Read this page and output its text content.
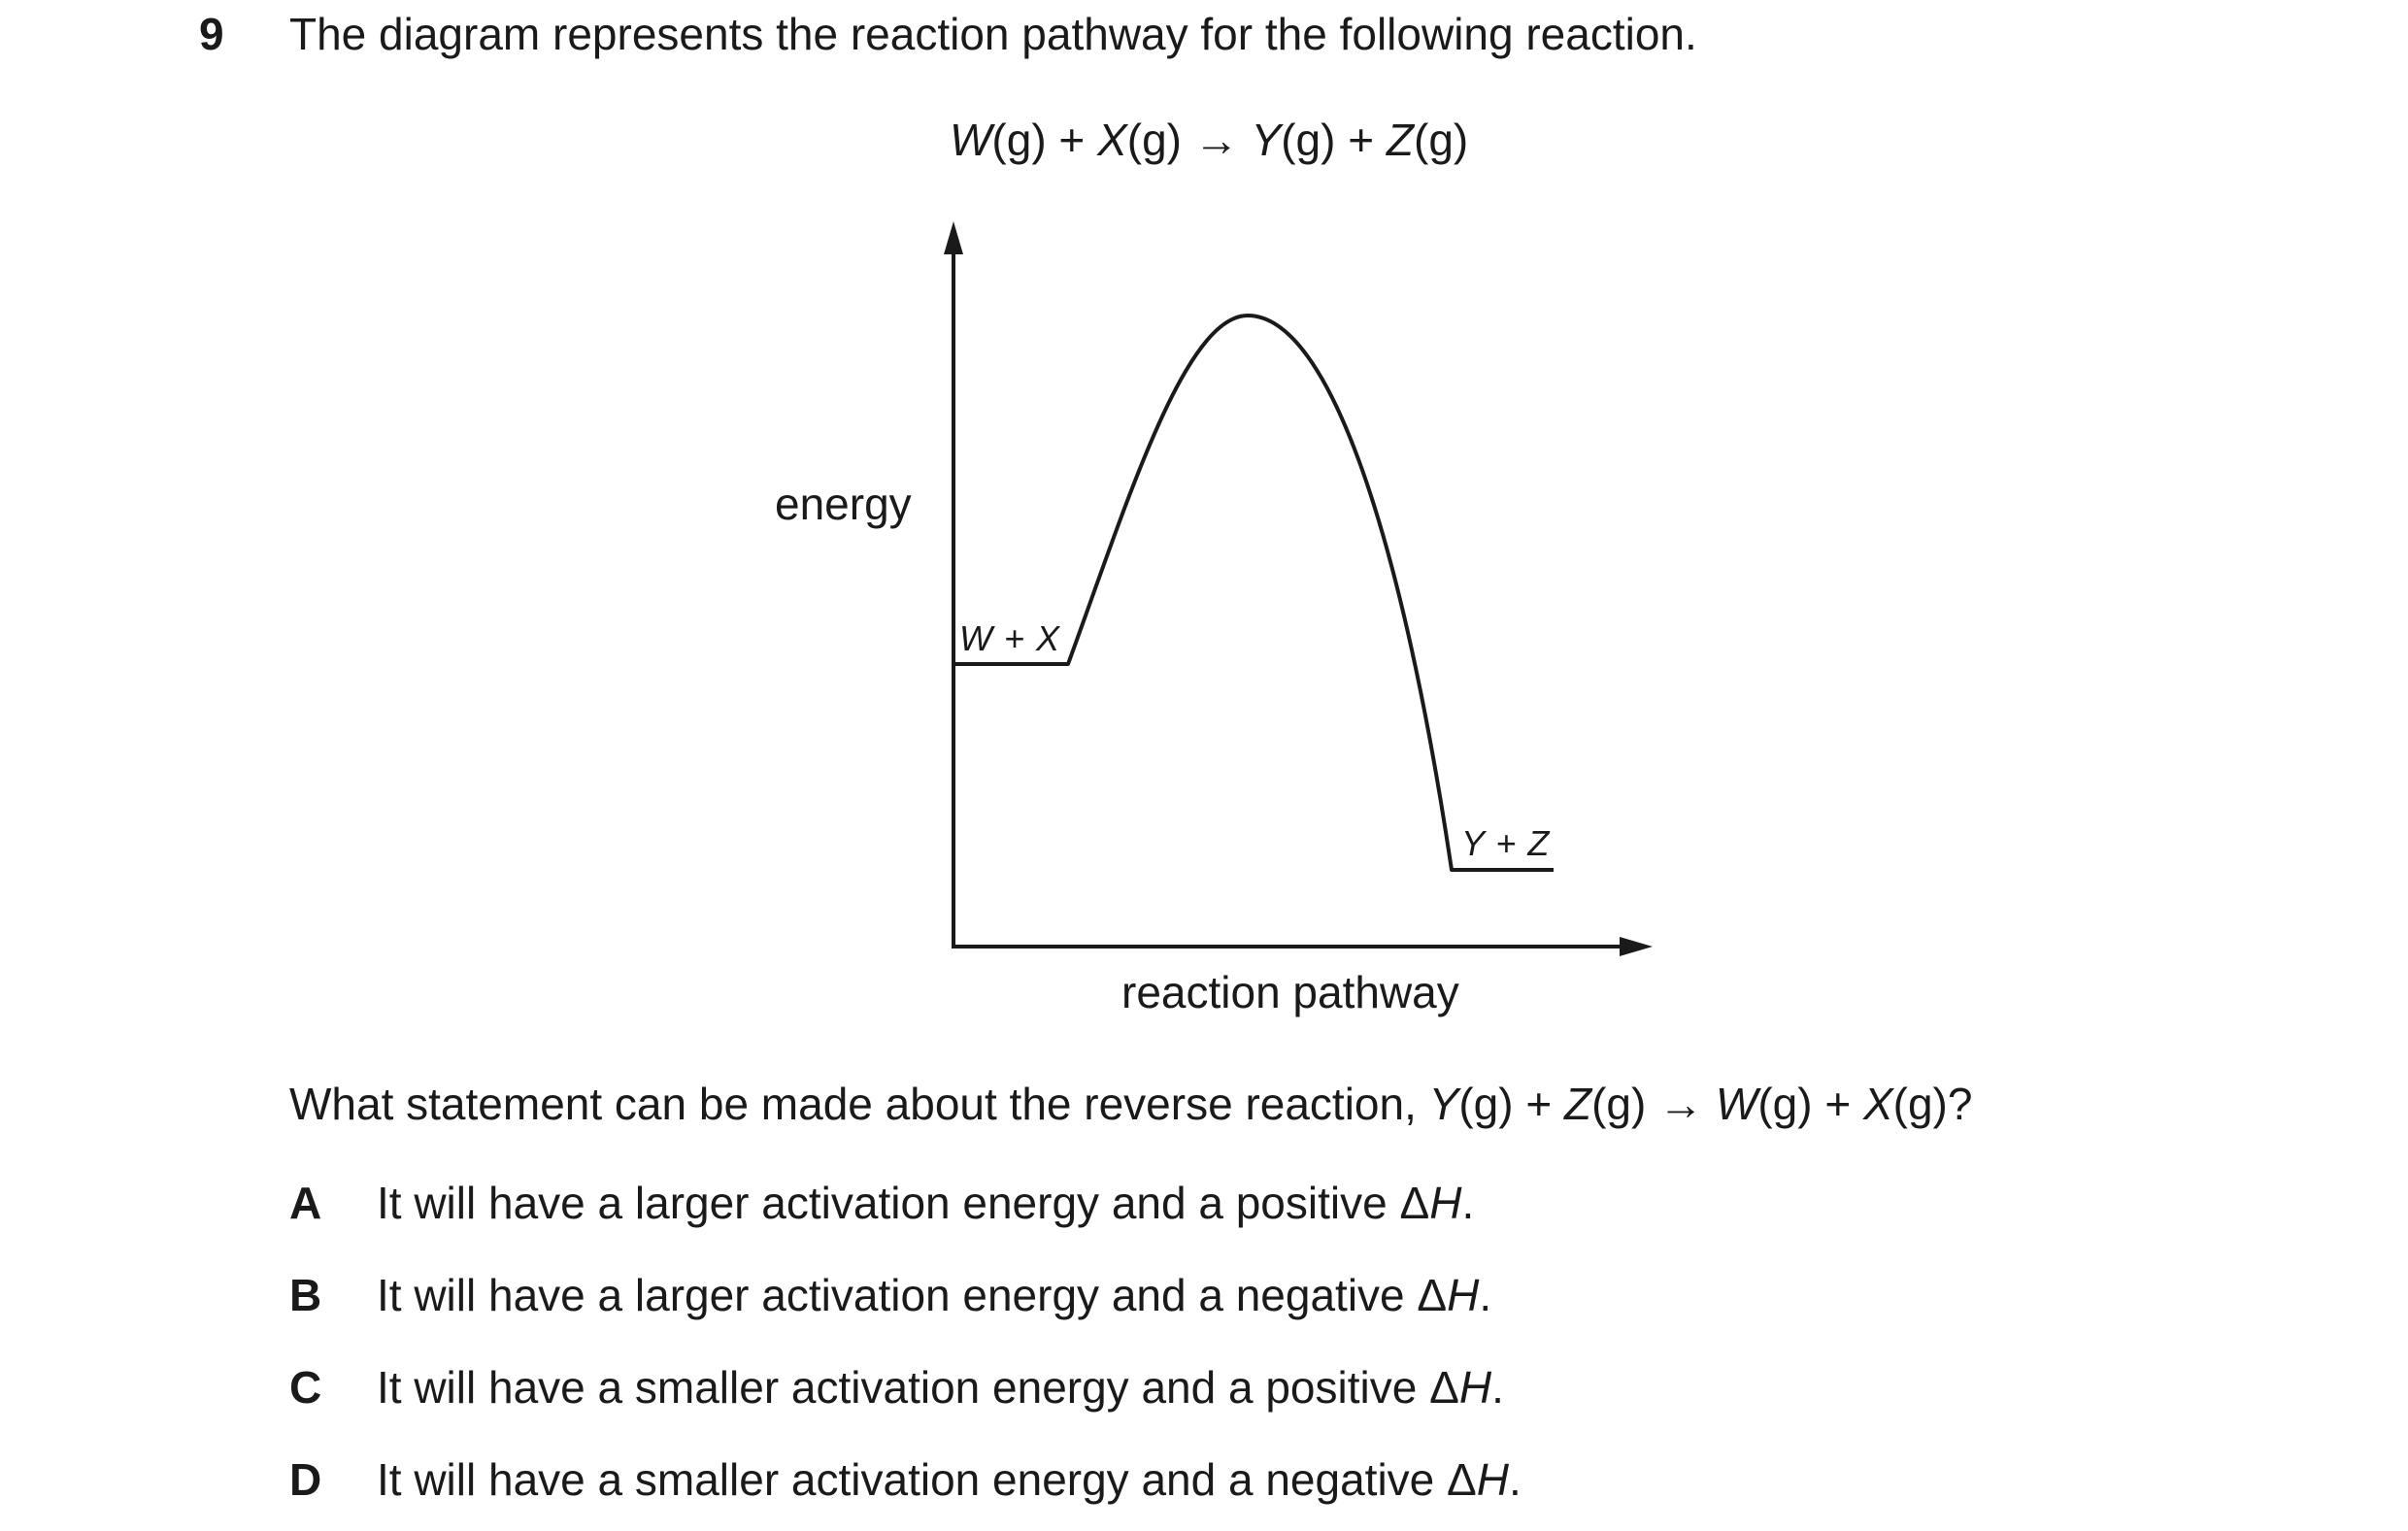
9 The diagram represents the reaction pathway for the following reaction.
W(g) + X(g) → Y(g) + Z(g)
energy
reaction pathway
W + X
Y + Z
What statement can be made about the reverse reaction, Y(g) + Z(g) → W(g) + X(g)?
A It will have a larger activation energy and a positive ΔH.
B It will have a larger activation energy and a negative ΔH.
C It will have a smaller activation energy and a positive ΔH.
D It will have a smaller activation energy and a negative ΔH.
